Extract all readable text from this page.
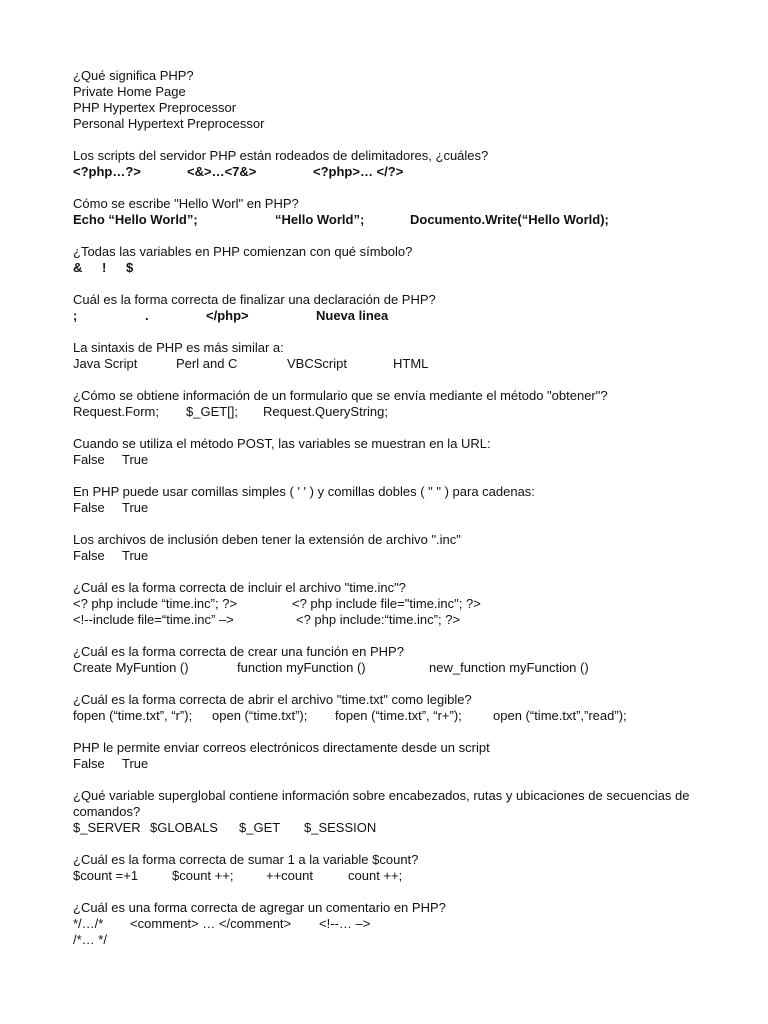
¿Qué significa PHP?
Private Home Page
PHP Hypertex Preprocessor
Personal Hypertext Preprocessor
Los scripts del servidor PHP están rodeados de delimitadores, ¿cuáles?
<?php…?>	<&>…<7&>	<?php>… </?>
Cómo se escribe "Hello Worl" en PHP?
Echo “Hello World”;	“Hello World”;	Documento.Write(“Hello World);
¿Todas las variables en PHP comienzan con qué símbolo?
& ! $
Cuál es la forma correcta de finalizar una declaración de PHP?
;	.	</php>	Nueva linea
La sintaxis de PHP es más similar a:
Java Script	Perl and C	VBCScript	HTML
¿Cómo se obtiene información de un formulario que se envía mediante el método "obtener"?
Request.Form; $_GET[]; Request.QueryString;
Cuando se utiliza el método POST, las variables se muestran en la URL:
False True
En PHP puede usar comillas simples ( ' ' ) y comillas dobles ( " " ) para cadenas:
False True
Los archivos de inclusión deben tener la extensión de archivo ".inc"
False True
¿Cuál es la forma correcta de incluir el archivo "time.inc"?
<? php include “time.inc”; ?>	<? php include file="time.inc"; ?>
<!--include file=“time.inc” –>	<? php include:“time.inc”; ?>
¿Cuál es la forma correcta de crear una función en PHP?
Create MyFuntion ()	function myFunction ()	new_function myFunction ()
¿Cuál es la forma correcta de abrir el archivo "time.txt" como legible?
fopen (“time.txt”, “r”); open (“time.txt”); fopen (“time.txt”, “r+”); open (“time.txt”,”read”);
PHP le permite enviar correos electrónicos directamente desde un script
False True
¿Qué variable superglobal contiene información sobre encabezados, rutas y ubicaciones de secuencias de comandos?
$_SERVER $GLOBALS $_GET $_SESSION
¿Cuál es la forma correcta de sumar 1 a la variable $count?
$count =+1	$count ++;	++count	count ++;
¿Cuál es una forma correcta de agregar un comentario en PHP?
*/…/* <comment> … </comment> <!--… –>
/*… */
